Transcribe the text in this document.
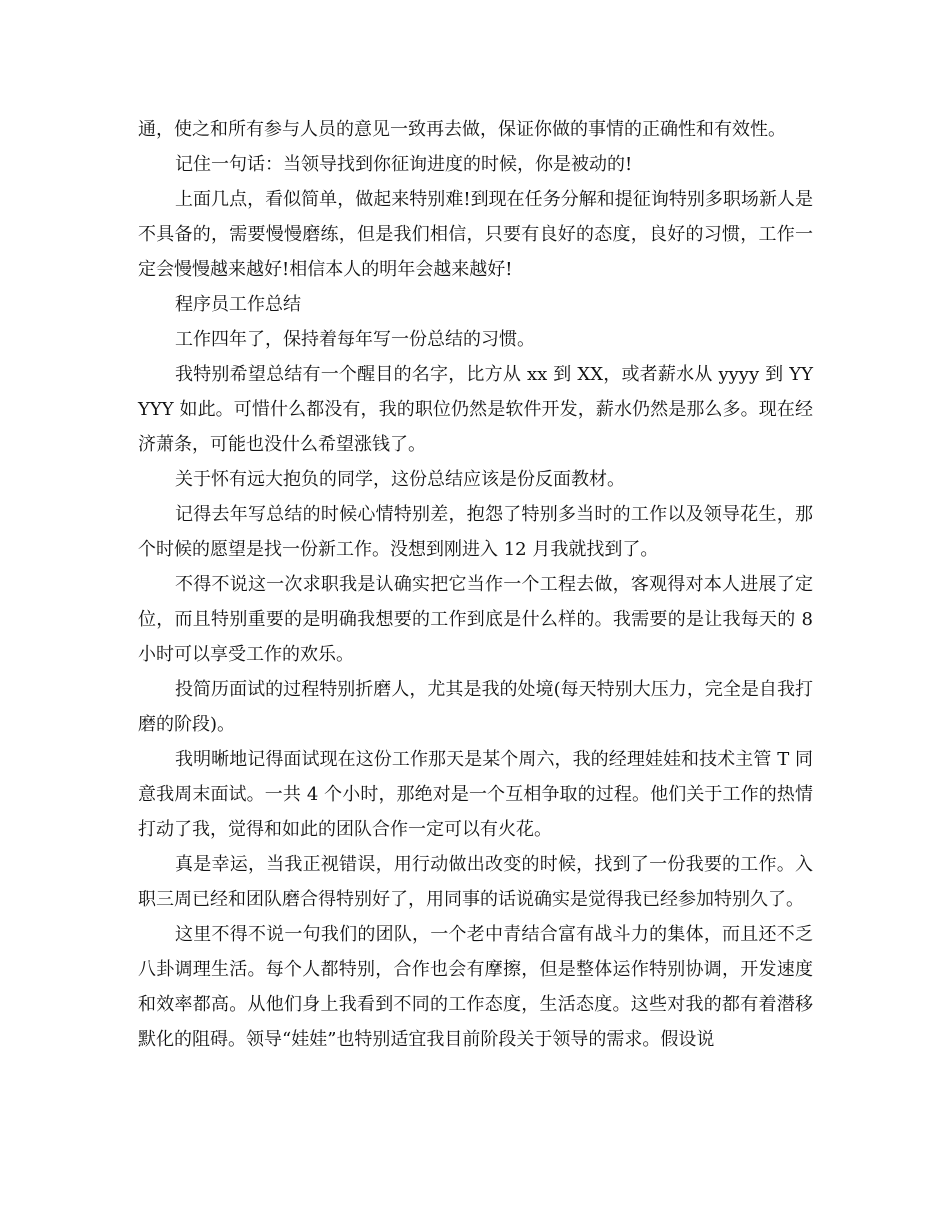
通，使之和所有参与人员的意见一致再去做，保证你做的事情的正确性和有效性。

记住一句话：当领导找到你征询进度的时候，你是被动的!

上面几点，看似简单，做起来特别难!到现在任务分解和提征询特别多职场新人是不具备的，需要慢慢磨练，但是我们相信，只要有良好的态度，良好的习惯，工作一定会慢慢越来越好!相信本人的明年会越来越好!

程序员工作总结

工作四年了，保持着每年写一份总结的习惯。

我特别希望总结有一个醒目的名字，比方从 xx 到 XX，或者薪水从 yyyy 到 YYYYY 如此。可惜什么都没有，我的职位仍然是软件开发，薪水仍然是那么多。现在经济萧条，可能也没什么希望涨钱了。

关于怀有远大抱负的同学，这份总结应该是份反面教材。

记得去年写总结的时候心情特别差，抱怨了特别多当时的工作以及领导花生，那个时候的愿望是找一份新工作。没想到刚进入 12 月我就找到了。

不得不说这一次求职我是认确实把它当作一个工程去做，客观得对本人进展了定位，而且特别重要的是明确我想要的工作到底是什么样的。我需要的是让我每天的 8 小时可以享受工作的欢乐。

投简历面试的过程特别折磨人，尤其是我的处境(每天特别大压力，完全是自我打磨的阶段)。

我明晰地记得面试现在这份工作那天是某个周六，我的经理娃娃和技术主管 T 同意我周末面试。一共 4 个小时，那绝对是一个互相争取的过程。他们关于工作的热情打动了我，觉得和如此的团队合作一定可以有火花。

真是幸运，当我正视错误，用行动做出改变的时候，找到了一份我要的工作。入职三周已经和团队磨合得特别好了，用同事的话说确实是觉得我已经参加特别久了。

这里不得不说一句我们的团队，一个老中青结合富有战斗力的集体，而且还不乏八卦调理生活。每个人都特别，合作也会有摩擦，但是整体运作特别协调，开发速度和效率都高。从他们身上我看到不同的工作态度，生活态度。这些对我的都有着潜移默化的阻碍。领导“娃娃”也特别适宜我目前阶段关于领导的需求。假设说
